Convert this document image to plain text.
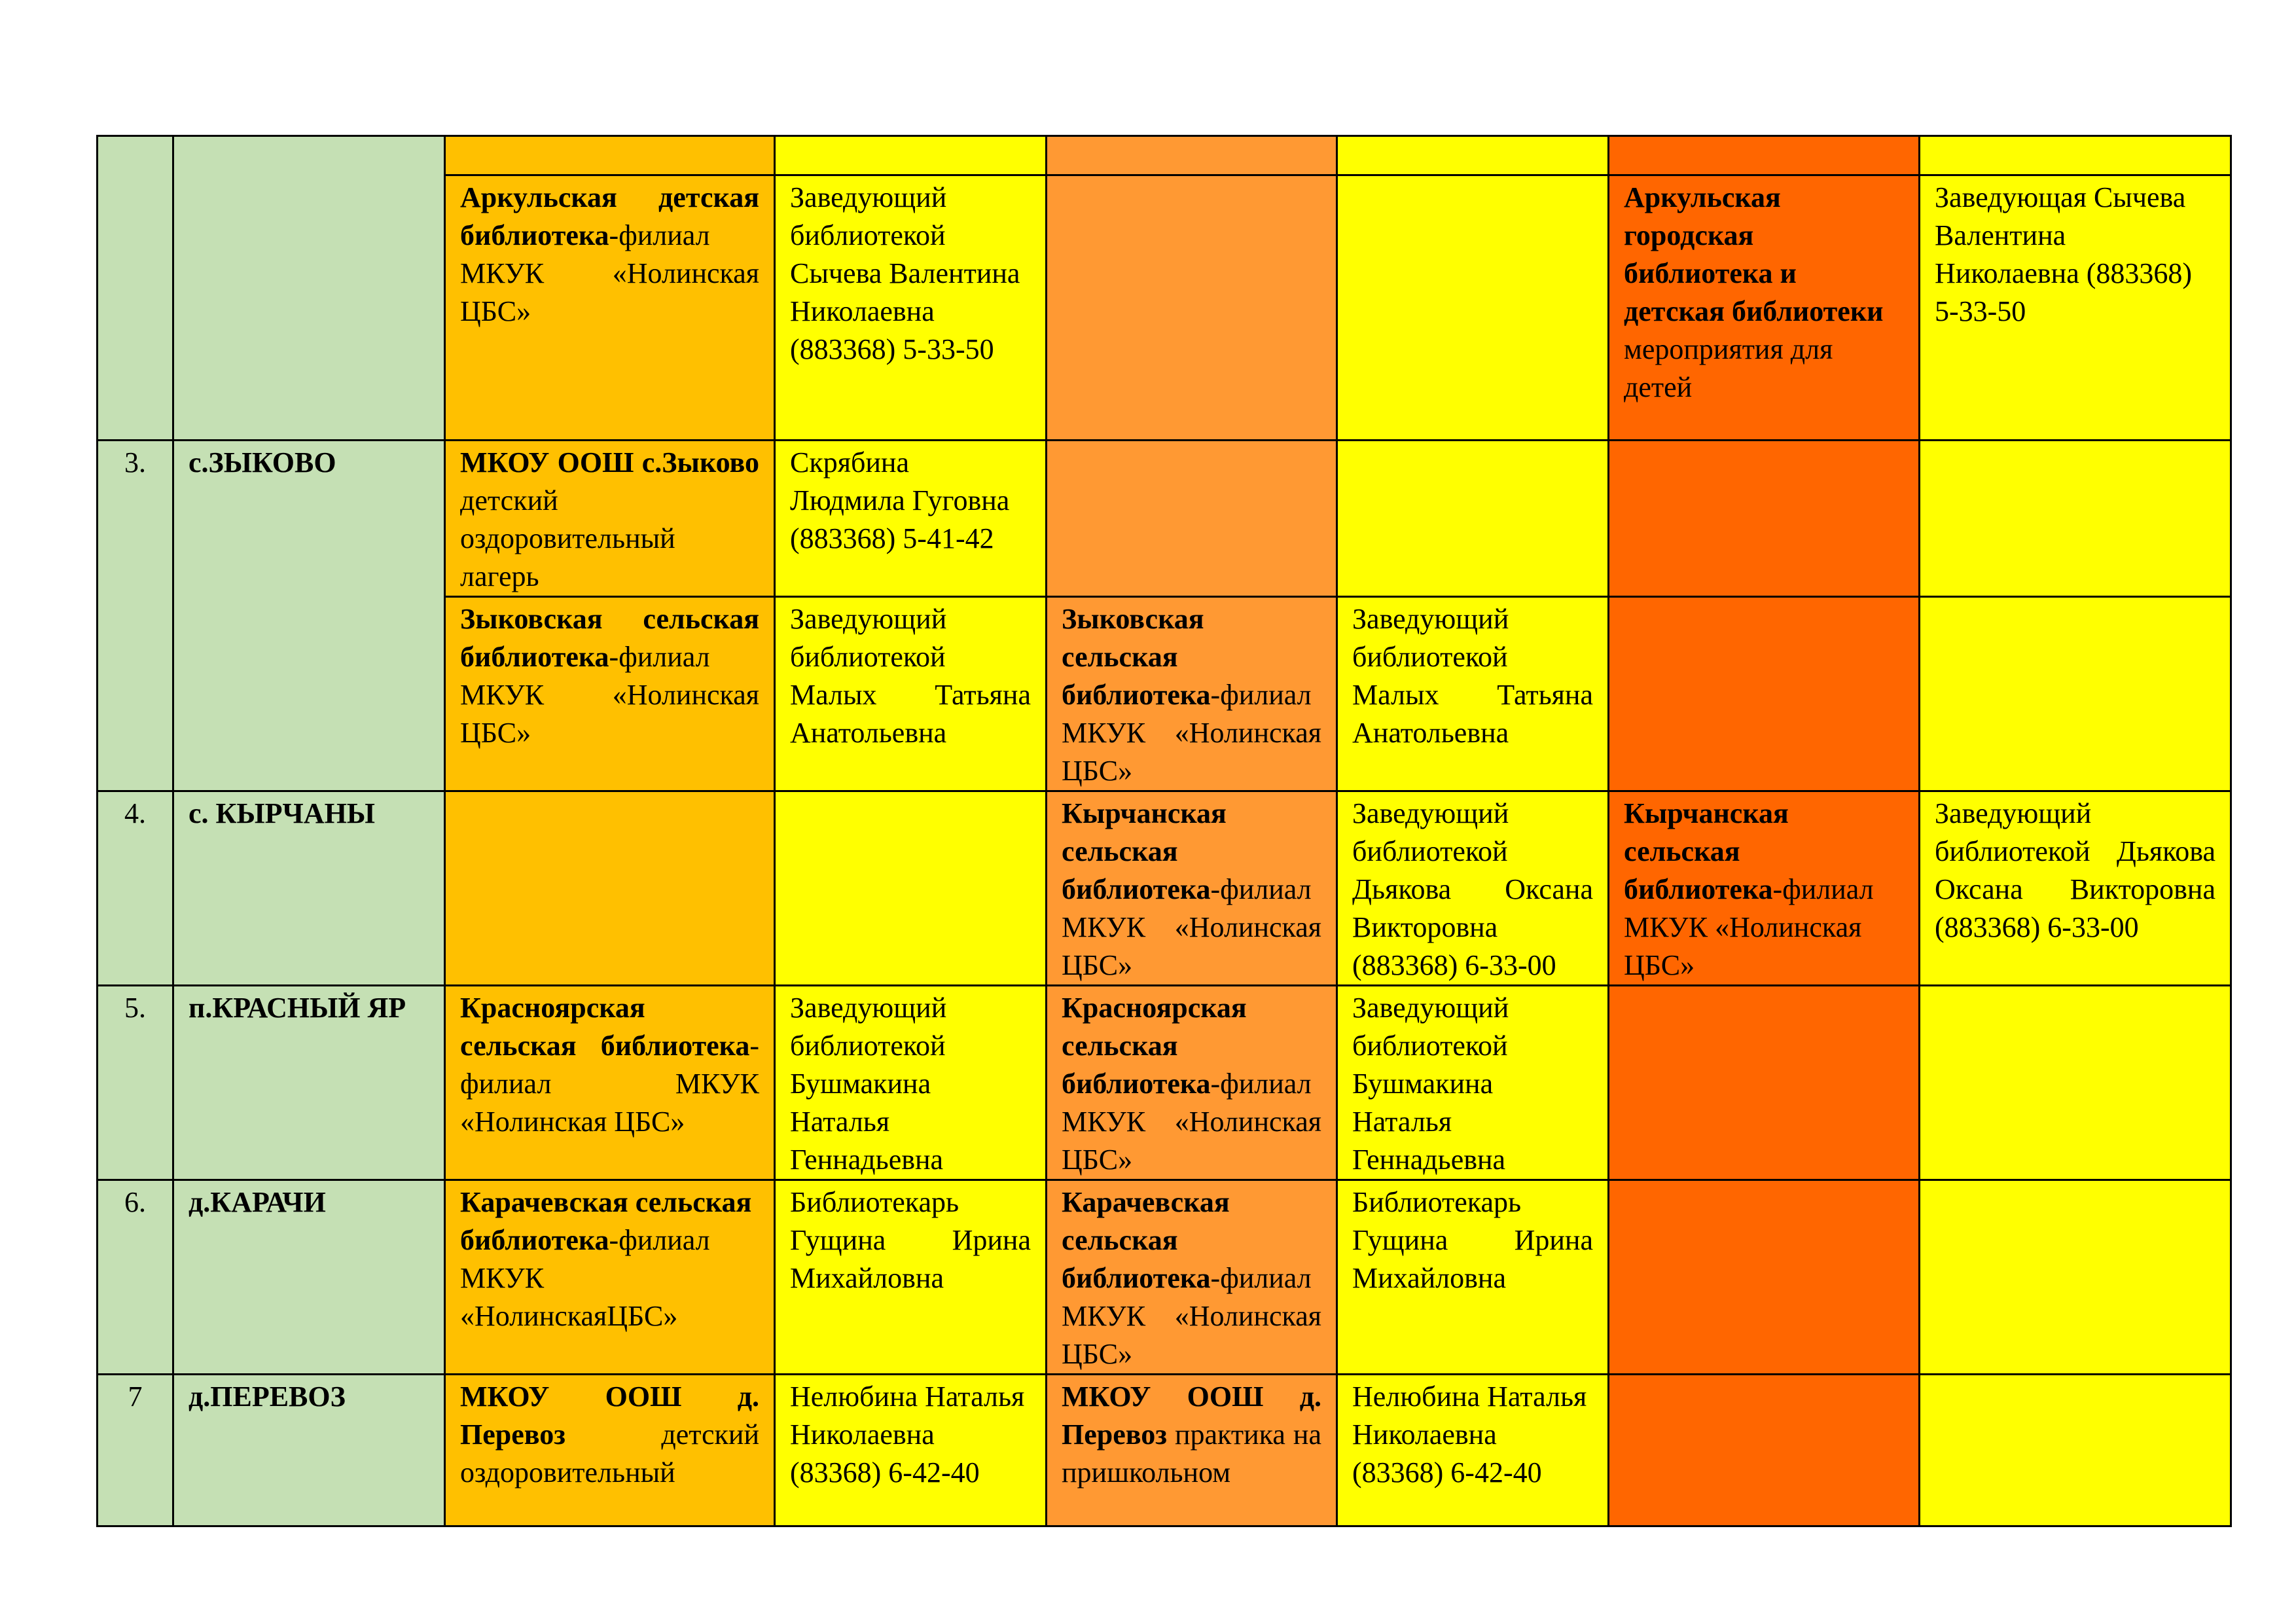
		Аркульская детская библиотека-филиал МКУК «Нолинская ЦБС»	Заведующий библиотекой Сычева Валентина Николаевна (883368) 5-33-50			Аркульская городская библиотека и детская библиотеки мероприятия для детей	Заведующая Сычева Валентина Николаевна (883368) 5-33-50
3.	с.ЗЫКОВО	МКОУ ООШ с.Зыково детский оздоровительный лагерь	Скрябина Людмила Гуговна (883368) 5-41-42				
		Зыковская сельская библиотека-филиал МКУК «Нолинская ЦБС»	Заведующий библиотекой Малых Татьяна Анатольевна	Зыковская сельская библиотека-филиал МКУК «Нолинская ЦБС»	Заведующий библиотекой Малых Татьяна Анатольевна		
4.	с. КЫРЧАНЫ			Кырчанская сельская библиотека-филиал МКУК «Нолинская ЦБС»	Заведующий библиотекой Дьякова Оксана Викторовна (883368) 6-33-00	Кырчанская сельская библиотека-филиал МКУК «Нолинская ЦБС»	Заведующий библиотекой Дьякова Оксана Викторовна (883368) 6-33-00
5.	п.КРАСНЫЙ ЯР	Красноярская сельская библиотека-филиал МКУК «Нолинская ЦБС»	Заведующий библиотекой Бушмакина Наталья Геннадьевна	Красноярская сельская библиотека-филиал МКУК «Нолинская ЦБС»	Заведующий библиотекой Бушмакина Наталья Геннадьевна		
6.	д.КАРАЧИ	Карачевская сельская библиотека-филиал МКУК «НолинскаяЦБС»	Библиотекарь Гущина Ирина Михайловна	Карачевская сельская библиотека-филиал МКУК «Нолинская ЦБС»	Библиотекарь Гущина Ирина Михайловна		
7	д.ПЕРЕВОЗ	МКОУ ООШ д. Перевоз детский оздоровительный	Нелюбина Наталья Николаевна (83368) 6-42-40	МКОУ ООШ д. Перевоз практика на пришкольном	Нелюбина Наталья Николаевна (83368) 6-42-40		
